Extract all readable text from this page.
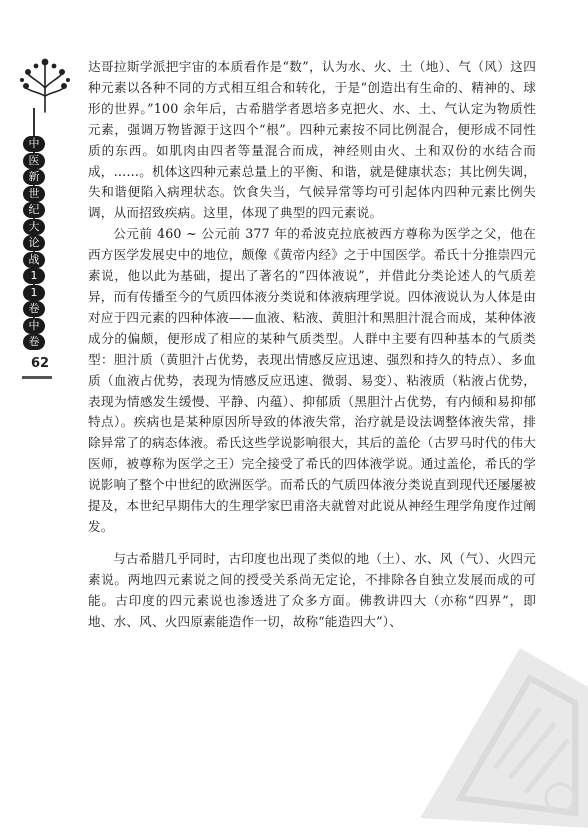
中
医
新
世
纪
大
论
战
1
1
卷
中
卷
62

达哥拉斯学派把宇宙的本质看作是“数”，认为水、火、土（地）、气（风）这四种元素以各种不同的方式相互组合和转化，于是“创造出有生命的、精神的、球形的世界。”100 余年后，古希腊学者恩培多克把火、水、土、气认定为物质性元素，强调万物皆源于这四个“根”。四种元素按不同比例混合，便形成不同性质的东西。如肌肉由四者等量混合而成，神经则由火、土和双份的水结合而成，……。机体这四种元素总量上的平衡、和谐，就是健康状态；其比例失调，失和谐便陷入病理状态。饮食失当，气候异常等均可引起体内四种元素比例失调，从而招致疾病。这里，体现了典型的四元素说。

公元前 460 ~ 公元前 377 年的希波克拉底被西方尊称为医学之父，他在西方医学发展史中的地位，颇像《黄帝内经》之于中国医学。希氏十分推崇四元素说，他以此为基础，提出了著名的“四体液说”，并借此分类论述人的气质差异，而有传播至今的气质四体液分类说和体液病理学说。四体液说认为人体是由对应于四元素的四种体液——血液、粘液、黄胆汁和黑胆汁混合而成，某种体液成分的偏颇，便形成了相应的某种气质类型。人群中主要有四种基本的气质类型：胆汁质（黄胆汁占优势，表现出情感反应迅速、强烈和持久的特点）、多血质（血液占优势，表现为情感反应迅速、微弱、易变）、粘液质（粘液占优势，表现为情感发生缓慢、平静、内蕴）、抑郁质（黑胆汁占优势，有内倾和易抑郁特点）。疾病也是某种原因所导致的体液失常，治疗就是设法调整体液失常，排除异常了的病态体液。希氏这些学说影响很大，其后的盖伦（古罗马时代的伟大医师，被尊称为医学之王）完全接受了希氏的四体液学说。通过盖伦，希氏的学说影响了整个中世纪的欧洲医学。而希氏的气质四体液分类说直到现代还屡屡被提及，本世纪早期伟大的生理学家巴甫洛夫就曾对此说从神经生理学角度作过阐发。

与古希腊几乎同时，古印度也出现了类似的地（土）、水、风（气）、火四元素说。两地四元素说之间的授受关系尚无定论，不排除各自独立发展而成的可能。古印度的四元素说也渗透进了众多方面。佛教讲四大（亦称“四界”，即地、水、风、火四原素能造作一切，故称“能造四大”）、
